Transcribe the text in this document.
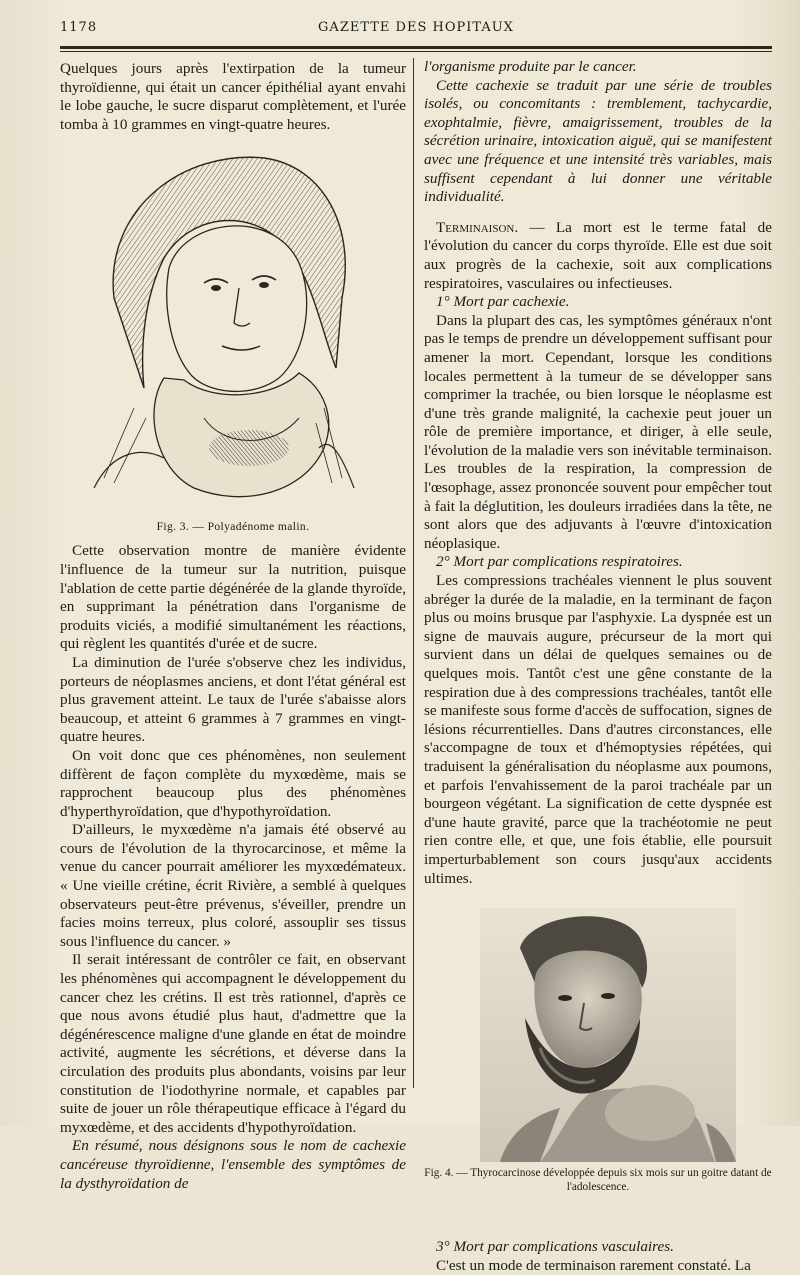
1178	GAZETTE DES HOPITAUX

Quelques jours après l'extirpation de la tumeur thyroïdienne, qui était un cancer épithélial ayant envahi le lobe gauche, le sucre disparut complètement, et l'urée tomba à 10 grammes en vingt-quatre heures.

Fig. 3. — Polyadénome malin.

Cette observation montre de manière évidente l'influence de la tumeur sur la nutrition, puisque l'ablation de cette partie dégénérée de la glande thyroïde, en supprimant la pénétration dans l'organisme de produits viciés, a modifié simultanément les réactions, qui règlent les quantités d'urée et de sucre.

La diminution de l'urée s'observe chez les individus, porteurs de néoplasmes anciens, et dont l'état général est plus gravement atteint. Le taux de l'urée s'abaisse alors beaucoup, et atteint 6 grammes à 7 grammes en vingt-quatre heures.

On voit donc que ces phénomènes, non seulement diffèrent de façon complète du myxœdème, mais se rapprochent beaucoup plus des phénomènes d'hyperthyroïdation, que d'hypothyroïdation.

D'ailleurs, le myxœdème n'a jamais été observé au cours de l'évolution de la thyrocarcinose, et même la venue du cancer pourrait améliorer les myxœdémateux. « Une vieille crétine, écrit Rivière, a semblé à quelques observateurs peut-être prévenus, s'éveiller, prendre un facies moins terreux, plus coloré, assouplir ses tissus sous l'influence du cancer. »

Il serait intéressant de contrôler ce fait, en observant les phénomènes qui accompagnent le développement du cancer chez les crétins. Il est très rationnel, d'après ce que nous avons étudié plus haut, d'admettre que la dégénérescence maligne d'une glande en état de moindre activité, augmente les sécrétions, et déverse dans la circulation des produits plus abondants, voisins par leur constitution de l'iodothyrine normale, et capables par suite de jouer un rôle thérapeutique efficace à l'égard du myxœdème, et des accidents d'hypothyroïdation.

En résumé, nous désignons sous le nom de cachexie cancéreuse thyroïdienne, l'ensemble des symptômes de la dysthyroïdation de

l'organisme produite par le cancer.

Cette cachexie se traduit par une série de troubles isolés, ou concomitants : tremblement, tachycardie, exophtalmie, fièvre, amaigrissement, troubles de la sécrétion urinaire, intoxication aiguë, qui se manifestent avec une fréquence et une intensité très variables, mais suffisent cependant à lui donner une véritable individualité.

Terminaison. — La mort est le terme fatal de l'évolution du cancer du corps thyroïde. Elle est due soit aux progrès de la cachexie, soit aux complications respiratoires, vasculaires ou infectieuses.

1° Mort par cachexie.

Dans la plupart des cas, les symptômes généraux n'ont pas le temps de prendre un développement suffisant pour amener la mort. Cependant, lorsque les conditions locales permettent à la tumeur de se développer sans comprimer la trachée, ou bien lorsque le néoplasme est d'une très grande malignité, la cachexie peut jouer un rôle de première importance, et diriger, à elle seule, l'évolution de la maladie vers son inévitable terminaison. Les troubles de la respiration, la compression de l'œsophage, assez prononcée souvent pour empêcher tout à fait la déglutition, les douleurs irradiées dans la tête, ne sont alors que des adjuvants à l'œuvre d'intoxication néoplasique.

2° Mort par complications respiratoires.

Les compressions trachéales viennent le plus souvent abréger la durée de la maladie, en la terminant de façon plus ou moins brusque par l'asphyxie. La dyspnée est un signe de mauvais augure, précurseur de la mort qui survient dans un délai de quelques semaines ou de quelques mois. Tantôt c'est une gêne constante de la respiration due à des compressions trachéales, tantôt elle se manifeste sous forme d'accès de suffocation, signes de lésions récurrentielles. Dans d'autres circonstances, elle s'accompagne de toux et d'hémoptysies répétées, qui traduisent la généralisation du néoplasme aux poumons, et parfois l'envahissement de la paroi trachéale par un bourgeon végétant. La signification de cette dyspnée est d'une haute gravité, parce que la trachéotomie ne peut rien contre elle, et que, une fois établie, elle poursuit imperturbablement son cours jusqu'aux accidents ultimes.

Fig. 4. — Thyrocarcinose développée depuis six mois sur un goitre datant de l'adolescence.

3° Mort par complications vasculaires.

C'est un mode de terminaison rarement constaté. La
